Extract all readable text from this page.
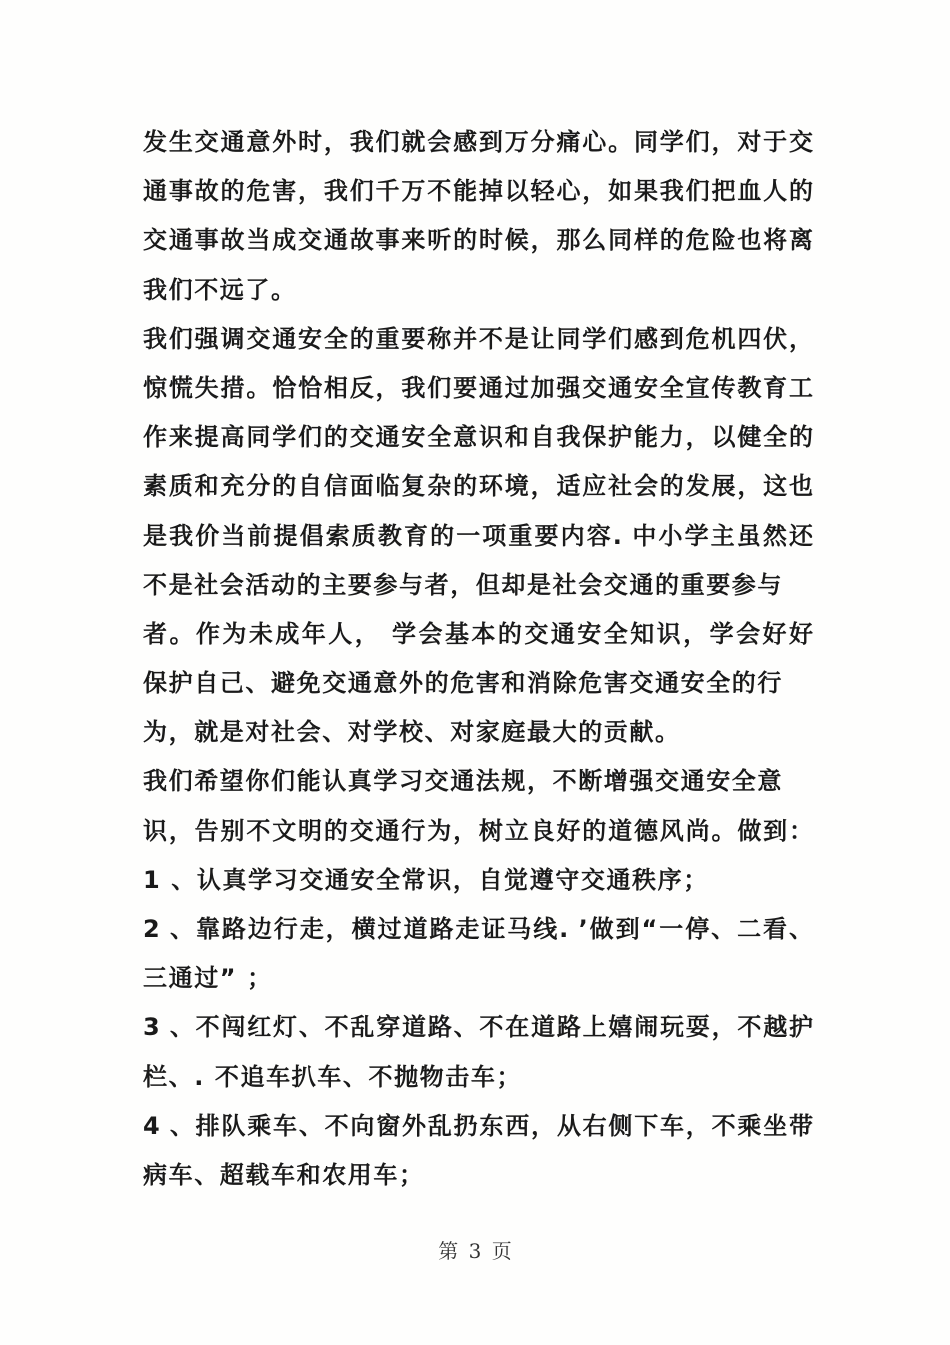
发生交通意外时，我们就会感到万分痛心。同学们，对于交
通事故的危害，我们千万不能掉以轻心，如果我们把血人的
交通事故当成交通故事来听的时候，那么同样的危险也将离
我们不远了。
我们强调交通安全的重要称并不是让同学们感到危机四伏，
惊慌失措。恰恰相反，我们要通过加强交通安全宣传教育工
作来提高同学们的交通安全意识和自我保护能力，以健全的
素质和充分的自信面临复杂的环境，适应社会的发展，这也
是我价当前提倡索质教育的一项重要内容. 中小学主虽然还
不是社会活动的主要参与者，但却是社会交通的重要参与
者。作为未成年人， 学会基本的交通安全知识，学会好好
保护自己、避免交通意外的危害和消除危害交通安全的行
为，就是对社会、对学校、对家庭最大的贡献。
我们希望你们能认真学习交通法规，不断增强交通安全意
识，告别不文明的交通行为，树立良好的道德风尚。做到：
1 、认真学习交通安全常识，自觉遵守交通秩序；
2 、靠路边行走，横过道路走证马线. ’做到“一停、二看、
三通过” ；
3 、不闯红灯、不乱穿道路、不在道路上嬉闹玩耍，不越护
栏、. 不追车扒车、不抛物击车；
4 、排队乘车、不向窗外乱扔东西，从右侧下车，不乘坐带
病车、超载车和农用车；
第 3 页
